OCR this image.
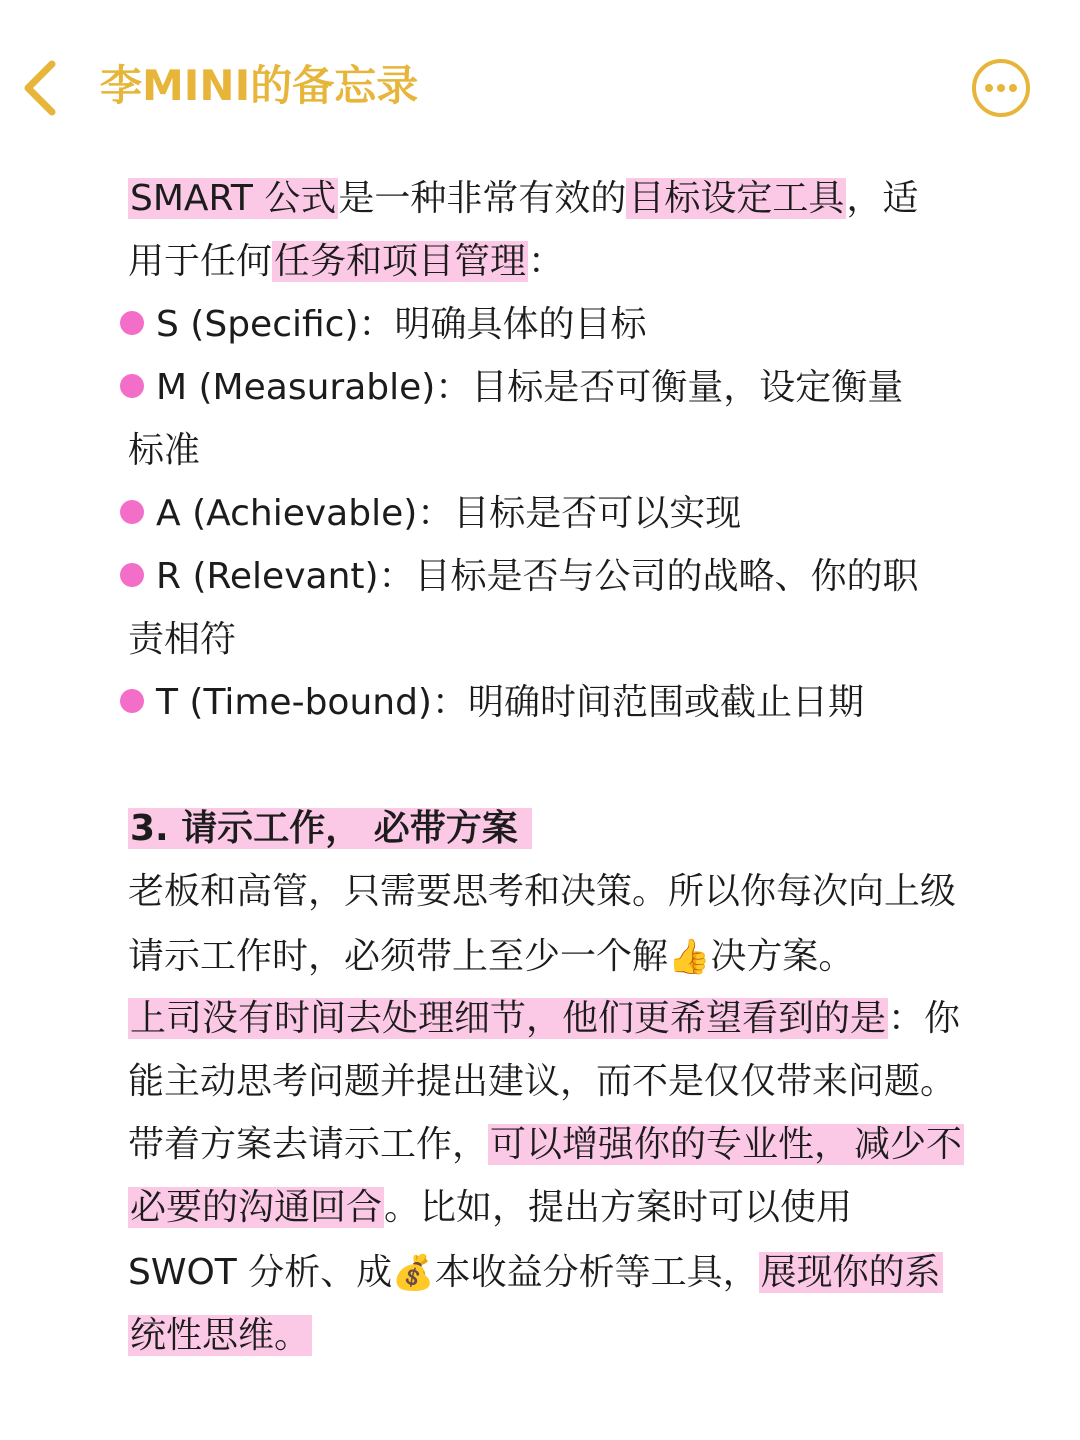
李MINI的备忘录
SMART 公式是一种非常有效的目标设定工具，适
用于任何任务和项目管理：
S (Specific)：明确具体的目标
M (Measurable)：目标是否可衡量，设定衡量
标准
A (Achievable)：目标是否可以实现
R (Relevant)：目标是否与公司的战略、你的职
责相符
T (Time-bound)：明确时间范围或截止日期
3. 请示工作， 必带方案
老板和高管，只需要思考和决策。所以你每次向上级
请示工作时，必须带上至少一个解👍决方案。
上司没有时间去处理细节，他们更希望看到的是：你
能主动思考问题并提出建议，而不是仅仅带来问题。
带着方案去请示工作，可以增强你的专业性， 减少不
必要的沟通回合。比如，提出方案时可以使用
SWOT 分析、成💰本收益分析等工具，展现你的系
统性思维。
